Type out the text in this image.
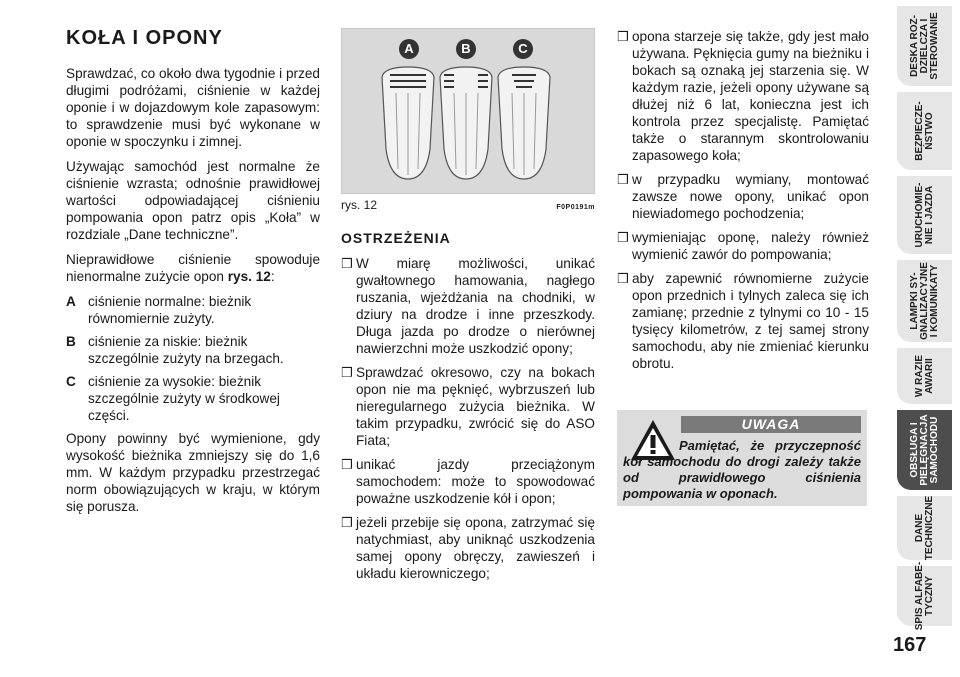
KOŁA I OPONY

Sprawdzać, co około dwa tygodnie i przed długimi podróżami, ciśnienie w każdej oponie i w dojazdowym kole zapasowym: to sprawdzenie musi być wykonane w oponie w spoczynku i zimnej.

Używając samochód jest normalne że ciśnienie wzrasta; odnośnie prawidłowej wartości odpowiadającej ciśnieniu pompowania opon patrz opis „Koła” w rozdziale „Dane techniczne”.

Nieprawidłowe ciśnienie spowoduje nienormalne zużycie opon rys. 12:

A ciśnienie normalne: bieżnik równomiernie zużyty.
B ciśnienie za niskie: bieżnik szczególnie zużyty na brzegach.
C ciśnienie za wysokie: bieżnik szczególnie zużyty w środkowej części.

Opony powinny być wymienione, gdy wysokość bieżnika zmniejszy się do 1,6 mm. W każdym przypadku przestrzegać norm obowiązujących w kraju, w którym się porusza.

A	B	C
rys. 12	F0P0191m
OSTRZEŻENIA
❒ W miarę możliwości, unikać gwałtownego hamowania, nagłego ruszania, wjeżdżania na chodniki, w dziury na drodze i inne przeszkody. Długa jazda po drodze o nierównej nawierzchni może uszkodzić opony;
❒ Sprawdzać okresowo, czy na bokach opon nie ma pęknięć, wybrzuszeń lub nieregularnego zużycia bieżnika. W takim przypadku, zwrócić się do ASO Fiata;
❒ unikać jazdy przeciążonym samochodem: może to spowodować poważne uszkodzenie kół i opon;
❒ jeżeli przebije się opona, zatrzymać się natychmiast, aby uniknąć uszkodzenia samej opony obręczy, zawieszeń i układu kierowniczego;
❒ opona starzeje się także, gdy jest mało używana. Pęknięcia gumy na bieżniku i bokach są oznaką jej starzenia się. W każdym razie, jeżeli opony używane są dłużej niż 6 lat, konieczna jest ich kontrola przez specjalistę. Pamiętać także o starannym skontrolowaniu zapasowego koła;
❒ w przypadku wymiany, montować zawsze nowe opony, unikać opon niewiadomego pochodzenia;
❒ wymieniając oponę, należy również wymienić zawór do pompowania;
❒ aby zapewnić równomierne zużycie opon przednich i tylnych zaleca się ich zamianę; przednie z tylnymi co 10 - 15 tysięcy kilometrów, z tej samej strony samochodu, aby nie zmieniać kierunku obrotu.
UWAGA
Pamiętać, że przyczepność kół samochodu do drogi zależy także od prawidłowego ciśnienia pompowania w oponach.
DESKA ROZ-
DZIELCZA I
STEROWANIE
BEZPIECZE-
ŃSTWO
URUCHOMIE-
NIE I JAZDA
LAMPKI SY-
GNALIZACYJNE
I KOMUNIKATY
W RAZIE
AWARII
OBSŁUGA I
PIELĘGNACJA
SAMOCHODU
DANE
TECHNICZNE
SPIS ALFABE-
TYCZNY
167
